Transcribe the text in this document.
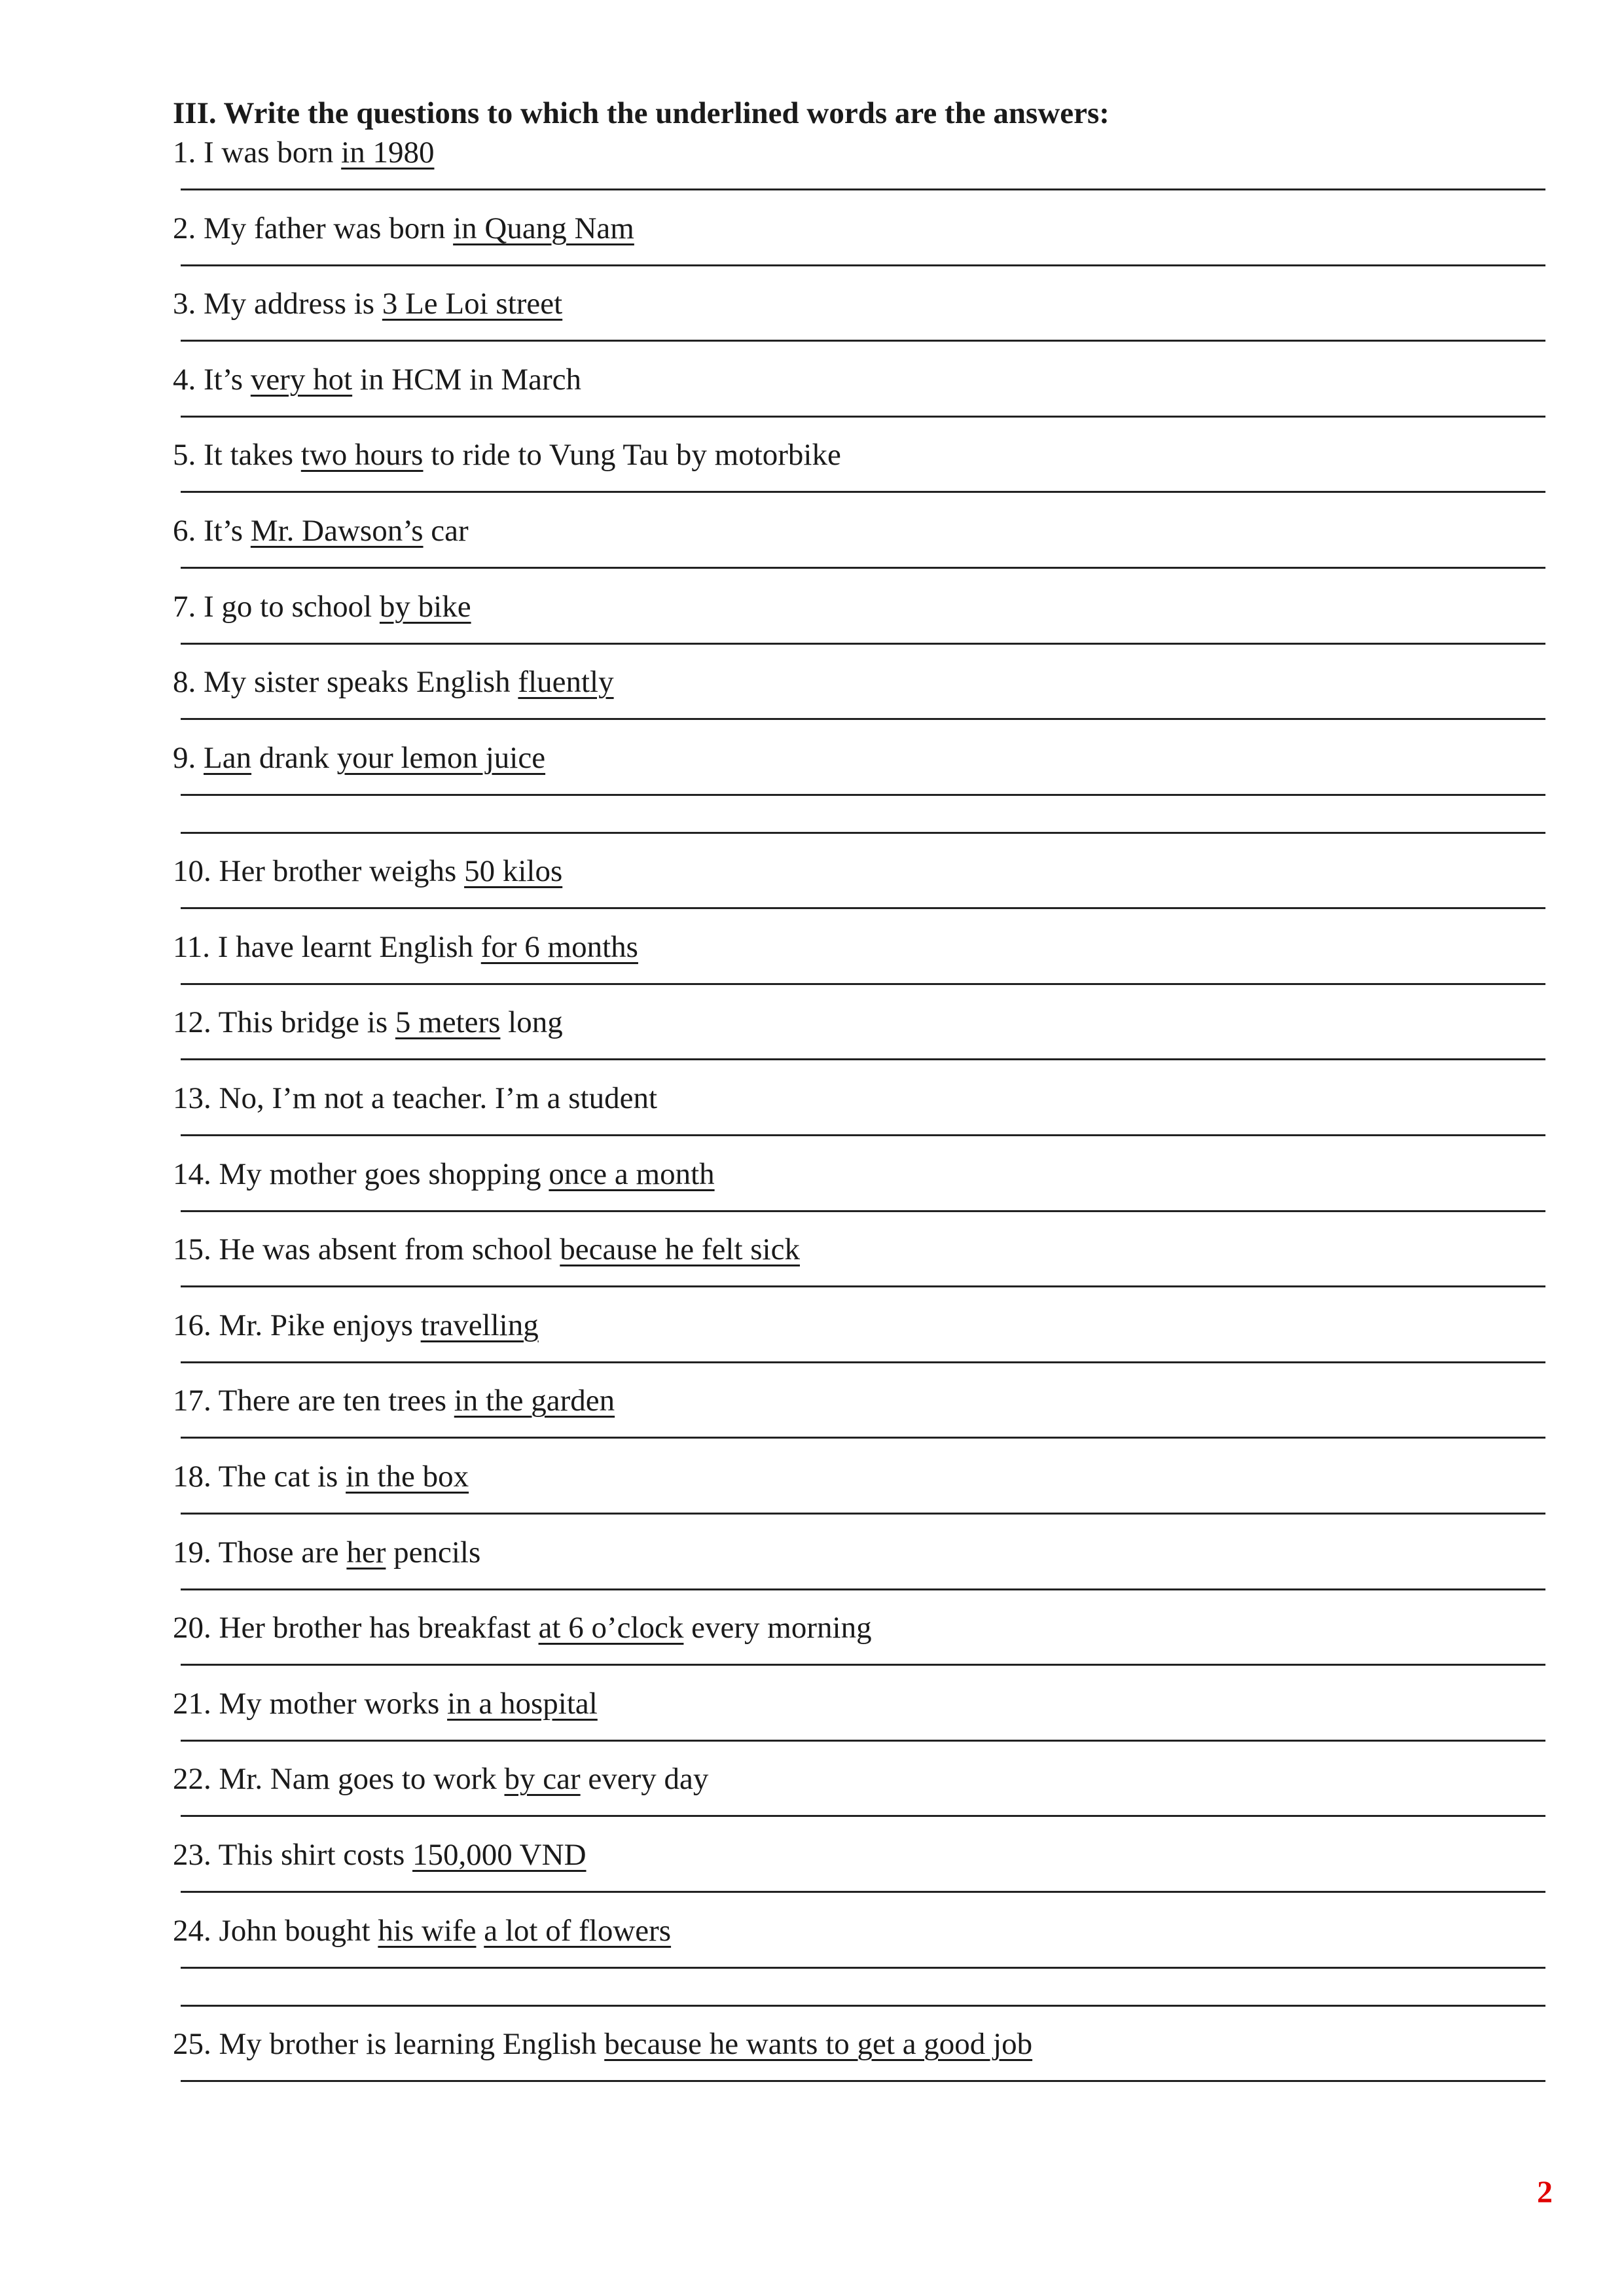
III. Write the questions to which the underlined words are the answers:
1. I was born in 1980
2. My father was born in Quang Nam
3. My address is 3 Le Loi street
4. It’s very hot in HCM in March
5. It takes two hours to ride to Vung Tau by motorbike
6. It’s Mr. Dawson’s car
7. I go to school by bike
8. My sister speaks English fluently
9. Lan drank your lemon juice
10. Her brother weighs 50 kilos
11. I have learnt English for 6 months
12. This bridge is 5 meters long
13. No, I’m not a teacher. I’m a student
14. My mother goes shopping once a month
15. He was absent from school because he felt sick
16. Mr. Pike enjoys travelling
17. There are ten trees in the garden
18. The cat is in the box
19. Those are her pencils
20. Her brother has breakfast at 6 o’clock every morning
21. My mother works in a hospital
22. Mr. Nam goes to work by car every day
23. This shirt costs 150,000 VND
24. John bought his wife a lot of flowers
25. My brother is learning English because he wants to get a good job
2
